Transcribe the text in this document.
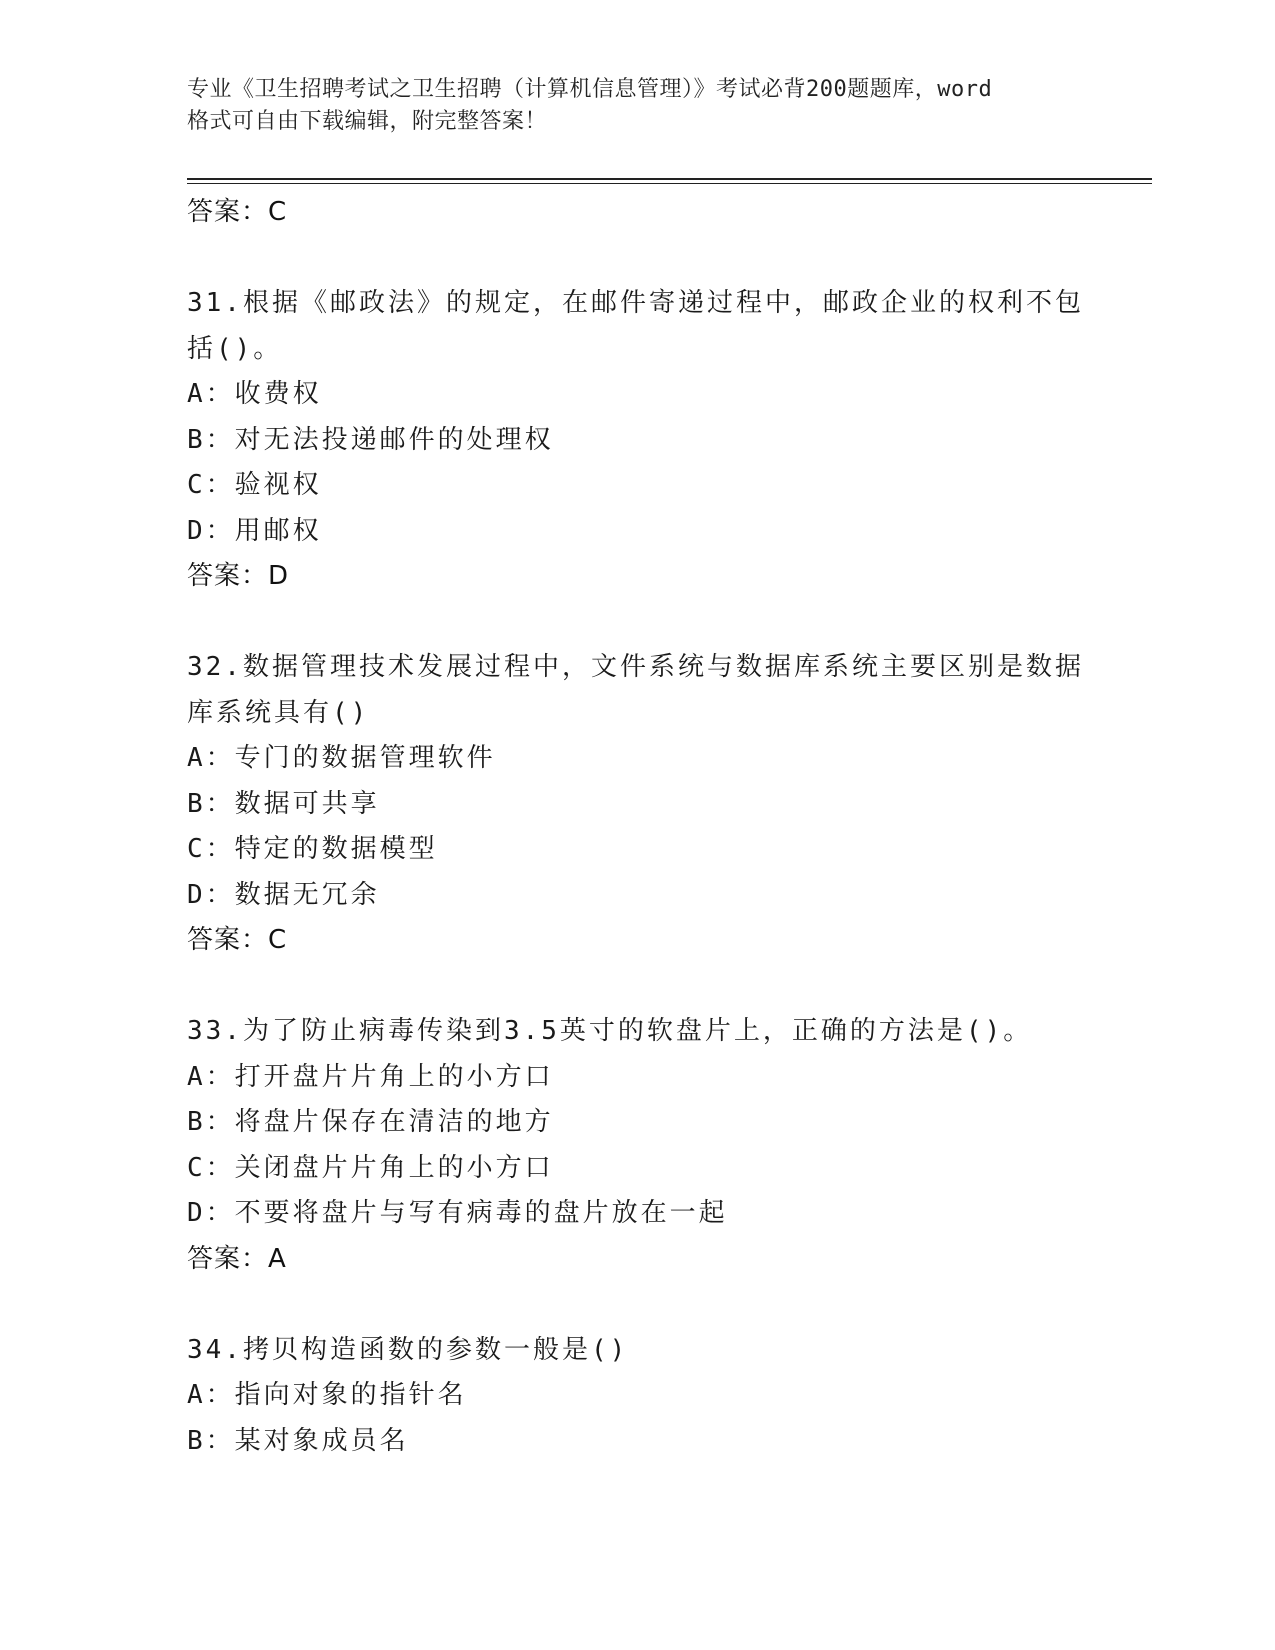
专业《卫生招聘考试之卫生招聘（计算机信息管理）》考试必背200题题库，word
格式可自由下载编辑，附完整答案！
答案：C
31.根据《邮政法》的规定，在邮件寄递过程中，邮政企业的权利不包
括()。
A：收费权
B：对无法投递邮件的处理权
C：验视权
D：用邮权
答案：D
32.数据管理技术发展过程中，文件系统与数据库系统主要区别是数据
库系统具有()
A：专门的数据管理软件
B：数据可共享
C：特定的数据模型
D：数据无冗余
答案：C
33.为了防止病毒传染到3.5英寸的软盘片上，正确的方法是()。
A：打开盘片片角上的小方口
B：将盘片保存在清洁的地方
C：关闭盘片片角上的小方口
D：不要将盘片与写有病毒的盘片放在一起
答案：A
34.拷贝构造函数的参数一般是()
A：指向对象的指针名
B：某对象成员名
